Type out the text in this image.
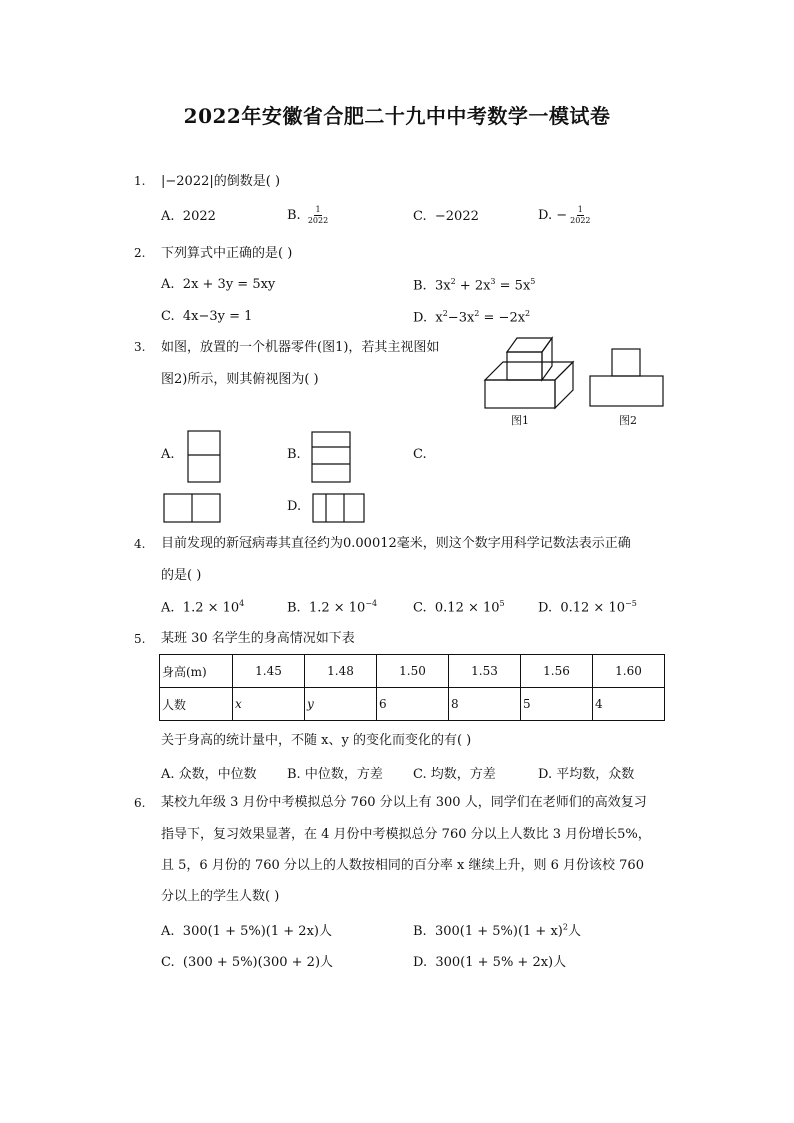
2022年安徽省合肥二十九中中考数学一模试卷
1. |−2022|的倒数是( )
A. 2022	B. $\frac{1}{2022}$	C. −2022	D. − $\frac{1}{2022}$
2. 下列算式中正确的是( )
A. 2x + 3y = 5xy	B. $3x^2 + 2x^3 = 5x^5$
C. 4x−3y = 1	D. $x^2-3x^2 = -2x^2$
3. 如图，放置的一个机器零件(图1)，若其主视图如
图2)所示，则其俯视图为( )
图1	图2
A.	B.	C.
D.
4. 目前发现的新冠病毒其直径约为0.00012毫米，则这个数字用科学记数法表示正确
的是( )
A. $1.2 \times 10^4$	B. $1.2 \times 10^{-4}$	C. $0.12 \times 10^5$	D. $0.12 \times 10^{-5}$
5. 某班 30 名学生的身高情况如下表
身高(m)	1.45	1.48	1.50	1.53	1.56	1.60
人数	x	y	6	8	5	4
关于身高的统计量中，不随 x、y 的变化而变化的有( )
A. 众数，中位数 B. 中位数，方差 C. 均数，方差	D. 平均数，众数
6. 某校九年级 3 月份中考模拟总分 760 分以上有 300 人，同学们在老师们的高效复习
指导下，复习效果显著，在 4 月份中考模拟总分 760 分以上人数比 3 月份增长5%，
且 5，6 月份的 760 分以上的人数按相同的百分率 x 继续上升，则 6 月份该校 760
分以上的学生人数( )
A. 300(1 + 5%)(1 + 2x)人	B. $300(1 + 5\%)(1 + x)^2$人
C. (300 + 5%)(300 + 2)人	D. 300(1 + 5% + 2x)人
